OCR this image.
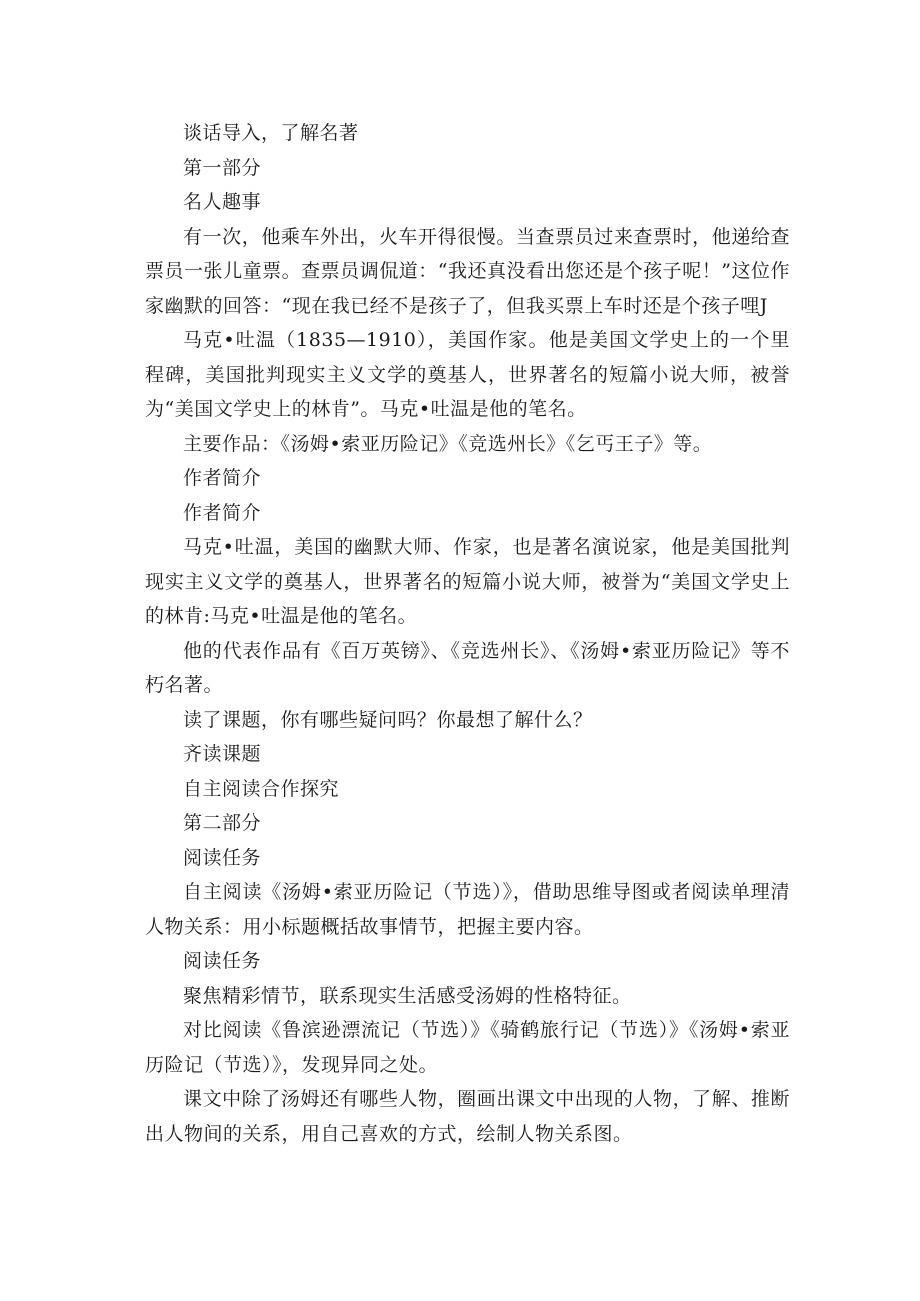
谈话导入，了解名著

第一部分

名人趣事

有一次，他乘车外出，火车开得很慢。当查票员过来查票时，他递给查票员一张儿童票。查票员调侃道：“我还真没看出您还是个孩子呢！”这位作家幽默的回答：“现在我已经不是孩子了，但我买票上车时还是个孩子哩J

马克•吐温（1835—1910），美国作家。他是美国文学史上的一个里程碑，美国批判现实主义文学的奠基人，世界著名的短篇小说大师，被誉为“美国文学史上的林肯”。马克•吐温是他的笔名。

主要作品：《汤姆•索亚历险记》《竞选州长》《乞丐王子》等。

作者简介

作者简介

马克•吐温，美国的幽默大师、作家，也是著名演说家，他是美国批判现实主义文学的奠基人，世界著名的短篇小说大师，被誉为“美国文学史上的林肯:马克•吐温是他的笔名。

他的代表作品有《百万英镑》、《竞选州长》、《汤姆•索亚历险记》等不朽名著。

读了课题，你有哪些疑问吗？你最想了解什么？

齐读课题

自主阅读合作探究

第二部分

阅读任务

自主阅读《汤姆•索亚历险记（节选）》，借助思维导图或者阅读单理清人物关系：用小标题概括故事情节，把握主要内容。

阅读任务

聚焦精彩情节，联系现实生活感受汤姆的性格特征。

对比阅读《鲁滨逊漂流记（节选）》《骑鹤旅行记（节选）》《汤姆•索亚历险记（节选）》，发现异同之处。

课文中除了汤姆还有哪些人物，圈画出课文中出现的人物，了解、推断出人物间的关系，用自己喜欢的方式，绘制人物关系图。
